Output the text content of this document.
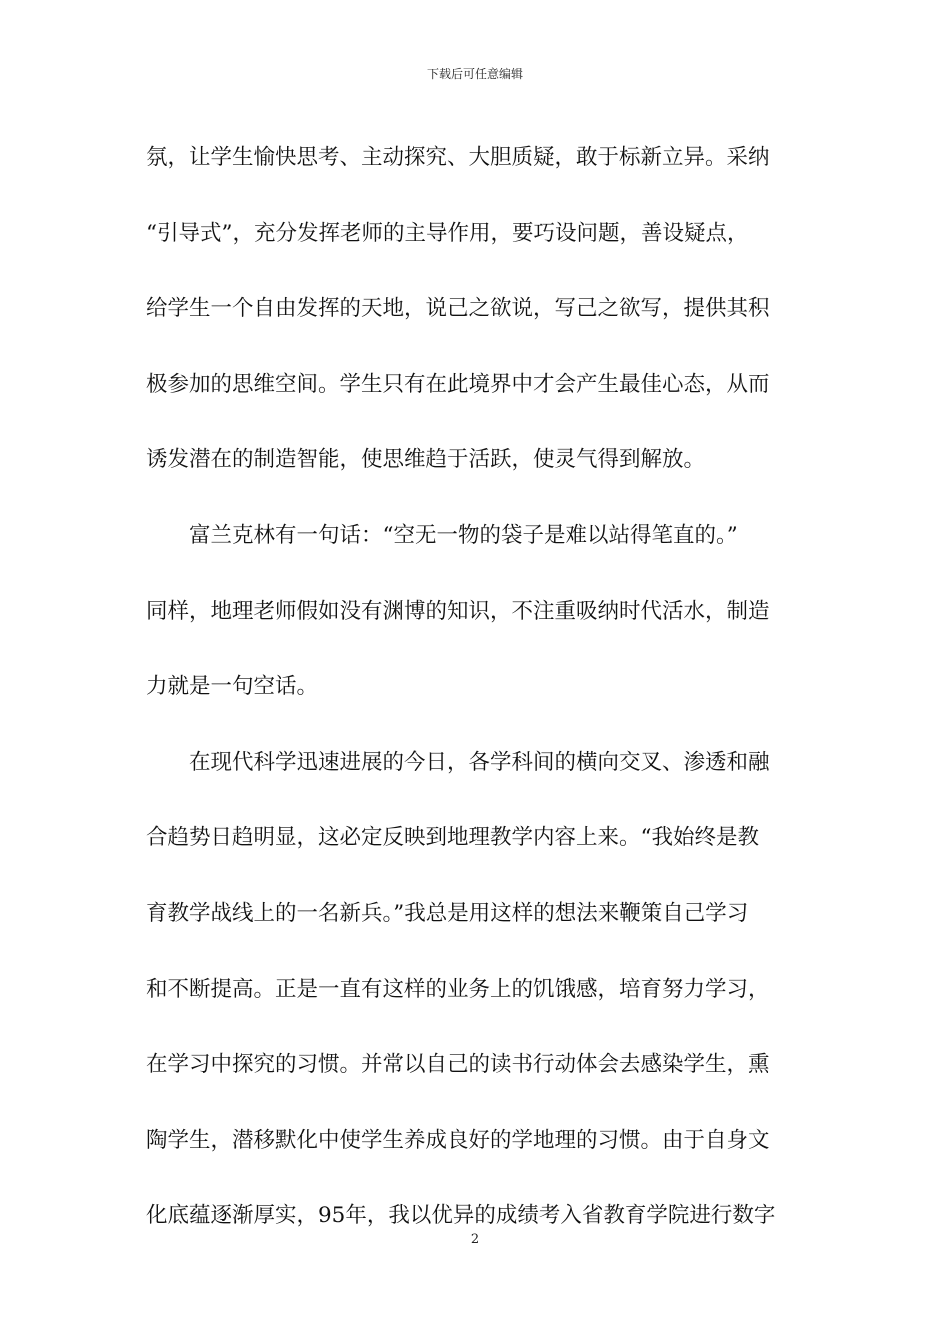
下载后可任意编辑
氛，让学生愉快思考、主动探究、大胆质疑，敢于标新立异。采纳
“引导式”，充分发挥老师的主导作用，要巧设问题，善设疑点，
给学生一个自由发挥的天地，说己之欲说，写己之欲写，提供其积
极参加的思维空间。学生只有在此境界中才会产生最佳心态，从而
诱发潜在的制造智能，使思维趋于活跃，使灵气得到解放。
富兰克林有一句话：“空无一物的袋子是难以站得笔直的。”
同样，地理老师假如没有渊博的知识，不注重吸纳时代活水，制造
力就是一句空话。
在现代科学迅速进展的今日，各学科间的横向交叉、渗透和融
合趋势日趋明显，这必定反映到地理教学内容上来。“我始终是教
育教学战线上的一名新兵。”我总是用这样的想法来鞭策自己学习
和不断提高。正是一直有这样的业务上的饥饿感，培育努力学习，
在学习中探究的习惯。并常以自己的读书行动体会去感染学生，熏
陶学生，潜移默化中使学生养成良好的学地理的习惯。由于自身文
化底蕴逐渐厚实，95年，我以优异的成绩考入省教育学院进行数字
2
